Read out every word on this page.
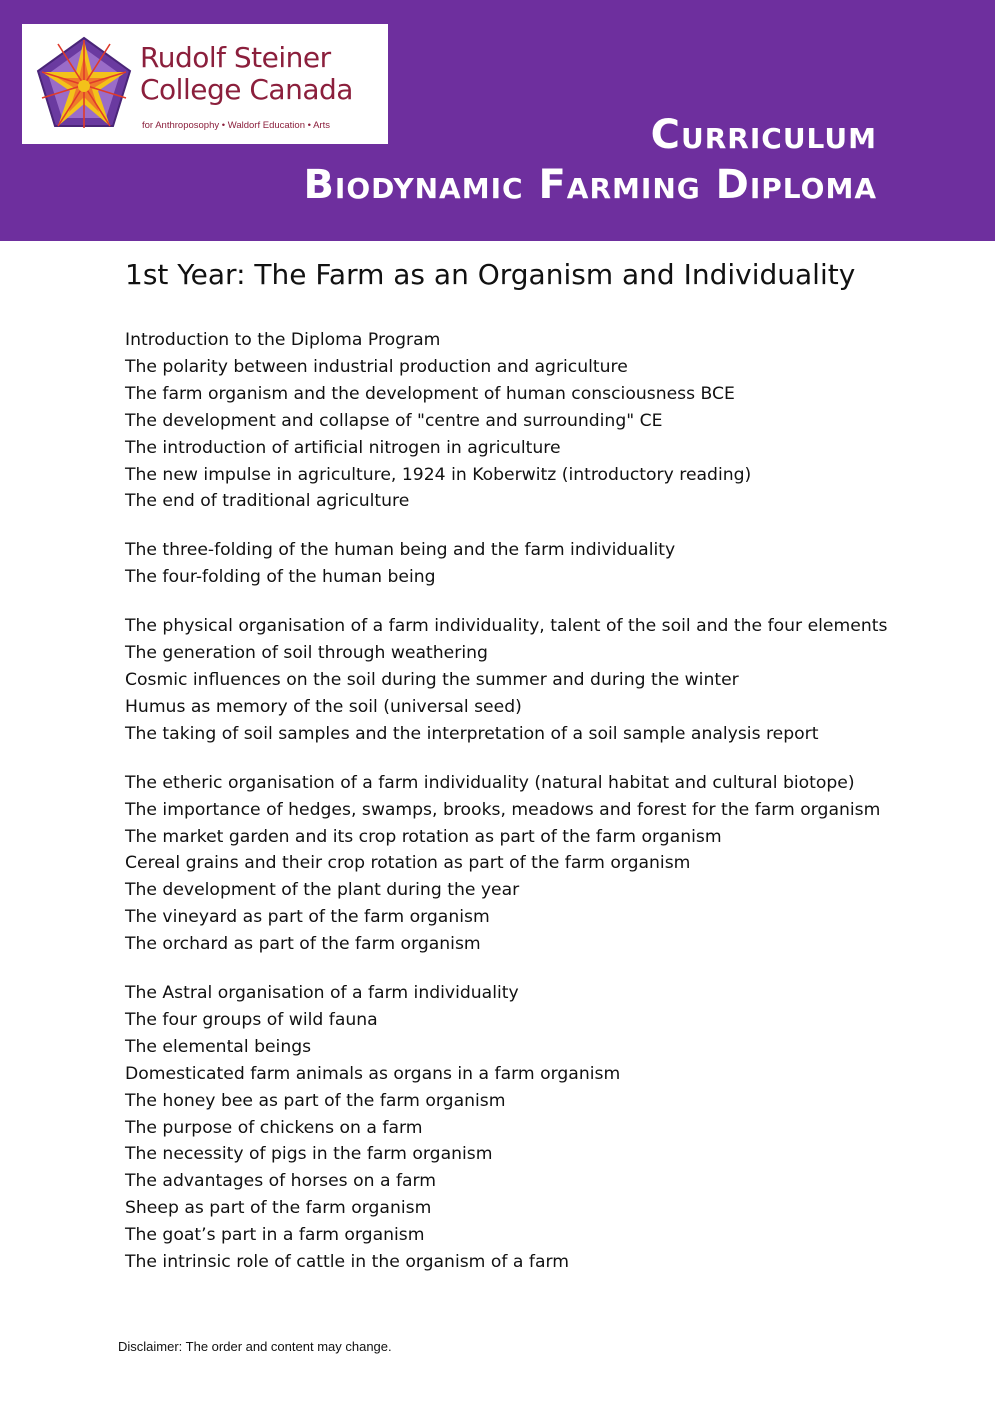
Rudolf Steiner
College Canada
for Anthroposophy • Waldorf Education • Arts	Curriculum
Biodynamic Farming Diploma
1st Year: The Farm as an Organism and Individuality
Introduction to the Diploma Program
The polarity between industrial production and agriculture
The farm organism and the development of human consciousness BCE
The development and collapse of "centre and surrounding" CE
The introduction of artificial nitrogen in agriculture
The new impulse in agriculture, 1924 in Koberwitz (introductory reading)
The end of traditional agriculture
The three-folding of the human being and the farm individuality
The four-folding of the human being
The physical organisation of a farm individuality, talent of the soil and the four elements
The generation of soil through weathering
Cosmic influences on the soil during the summer and during the winter
Humus as memory of the soil (universal seed)
The taking of soil samples and the interpretation of a soil sample analysis report
The etheric organisation of a farm individuality (natural habitat and cultural biotope)
The importance of hedges, swamps, brooks, meadows and forest for the farm organism
The market garden and its crop rotation as part of the farm organism
Cereal grains and their crop rotation as part of the farm organism
The development of the plant during the year
The vineyard as part of the farm organism
The orchard as part of the farm organism
The Astral organisation of a farm individuality
The four groups of wild fauna
The elemental beings
Domesticated farm animals as organs in a farm organism
The honey bee as part of the farm organism
The purpose of chickens on a farm
The necessity of pigs in the farm organism
The advantages of horses on a farm
Sheep as part of the farm organism
The goat’s part in a farm organism
The intrinsic role of cattle in the organism of a farm
Disclaimer: The order and content may change.
